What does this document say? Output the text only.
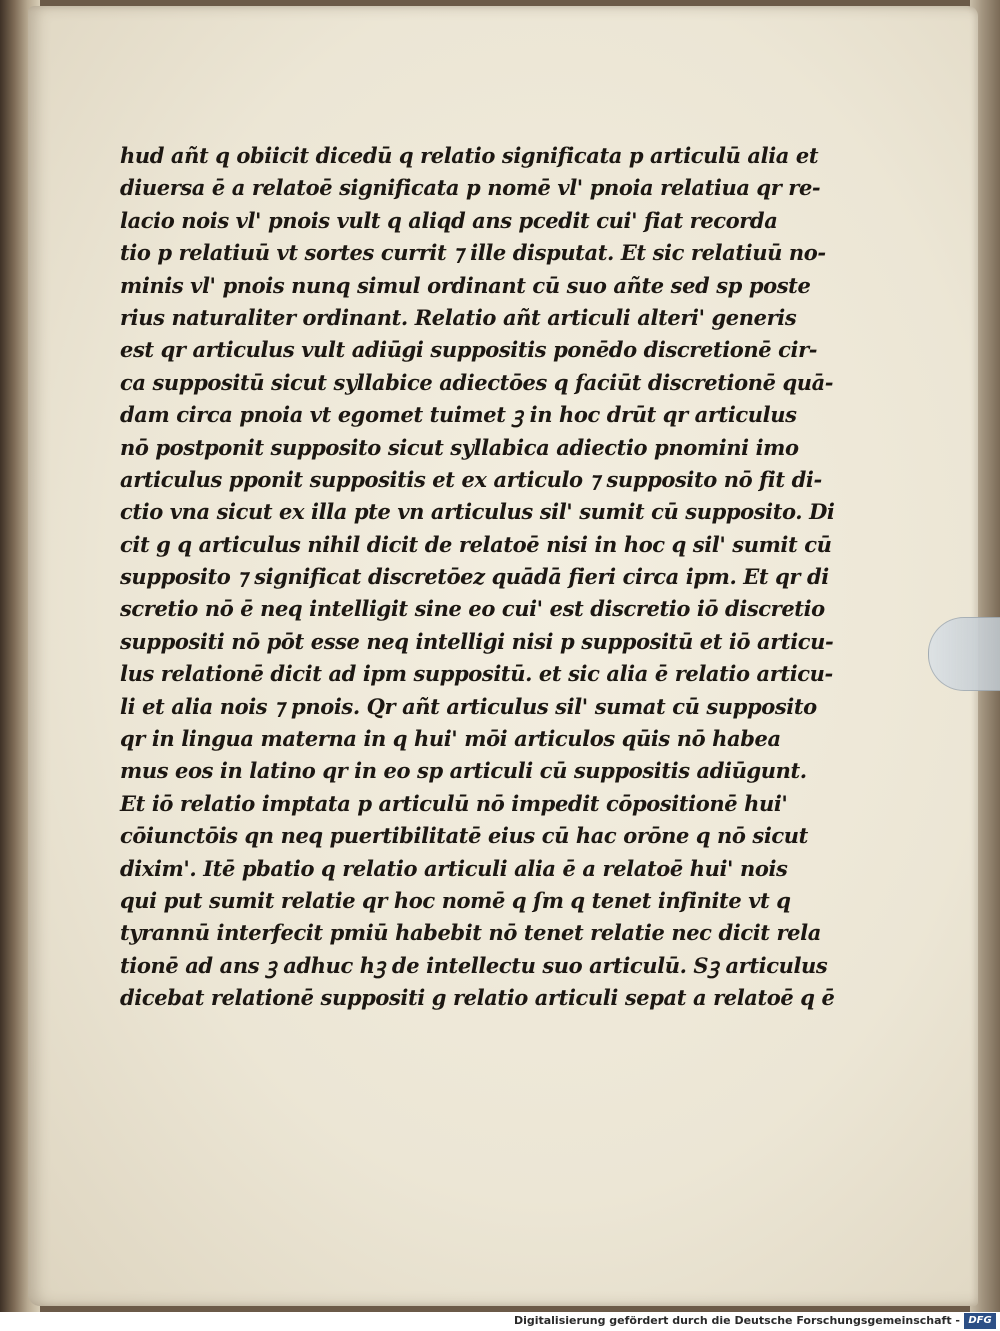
hud añt q obiicit dicedū q relatio significata p articulū alia et
diuersa ē a relatoē significata p nomē vl' pnoia relatiua qr re-
lacio nois vl' pnois vult q aliqd ans pcedit cui' fiat recorda
tio p relatiuū vt sortes currit ⁊ ille disputat. Et sic relatiuū no-
minis vl' pnois nunq simul ordinant cū suo añte sed sp poste
rius naturaliter ordinant. Relatio añt articuli alteri' generis
est qr articulus vult adiūgi suppositis ponēdo discretionē cir-
ca suppositū sicut syllabice adiectōes q faciūt discretionē quā-
dam circa pnoia vt egomet tuimet ꝫ in hoc drūt qr articulus
nō postponit supposito sicut syllabica adiectio pnomini imo
articulus pponit suppositis et ex articulo ⁊ supposito nō fit di-
ctio vna sicut ex illa pte vn articulus sil' sumit cū supposito. Di
cit g q articulus nihil dicit de relatoē nisi in hoc q sil' sumit cū
supposito ⁊ significat discretōez quādā fieri circa ipm. Et qr di
scretio nō ē neq intelligit sine eo cui' est discretio iō discretio
suppositi nō pōt esse neq intelligi nisi p suppositū et iō articu-
lus relationē dicit ad ipm suppositū. et sic alia ē relatio articu-
li et alia nois ⁊ pnois. Qr añt articulus sil' sumat cū supposito
qr in lingua materna in q hui' mōi articulos qūis nō habea
mus eos in latino qr in eo sp articuli cū suppositis adiūgunt.
Et iō relatio imptata p articulū nō impedit cōpositionē hui'
cōiunctōis qn neq puertibilitatē eius cū hac orōne q nō sicut
dixim'. Itē pbatio q relatio articuli alia ē a relatoē hui' nois
qui put sumit relatie qr hoc nomē q ſm q tenet infinite vt q
tyrannū interfecit pmiū habebit nō tenet relatie nec dicit rela
tionē ad ans ꝫ adhuc hꝫ de intellectu suo articulū. Sꝫ articulus
dicebat relationē suppositi g relatio articuli sepat a relatoē q ē
Digitalisierung gefördert durch die Deutsche Forschungsgemeinschaft - DFG
